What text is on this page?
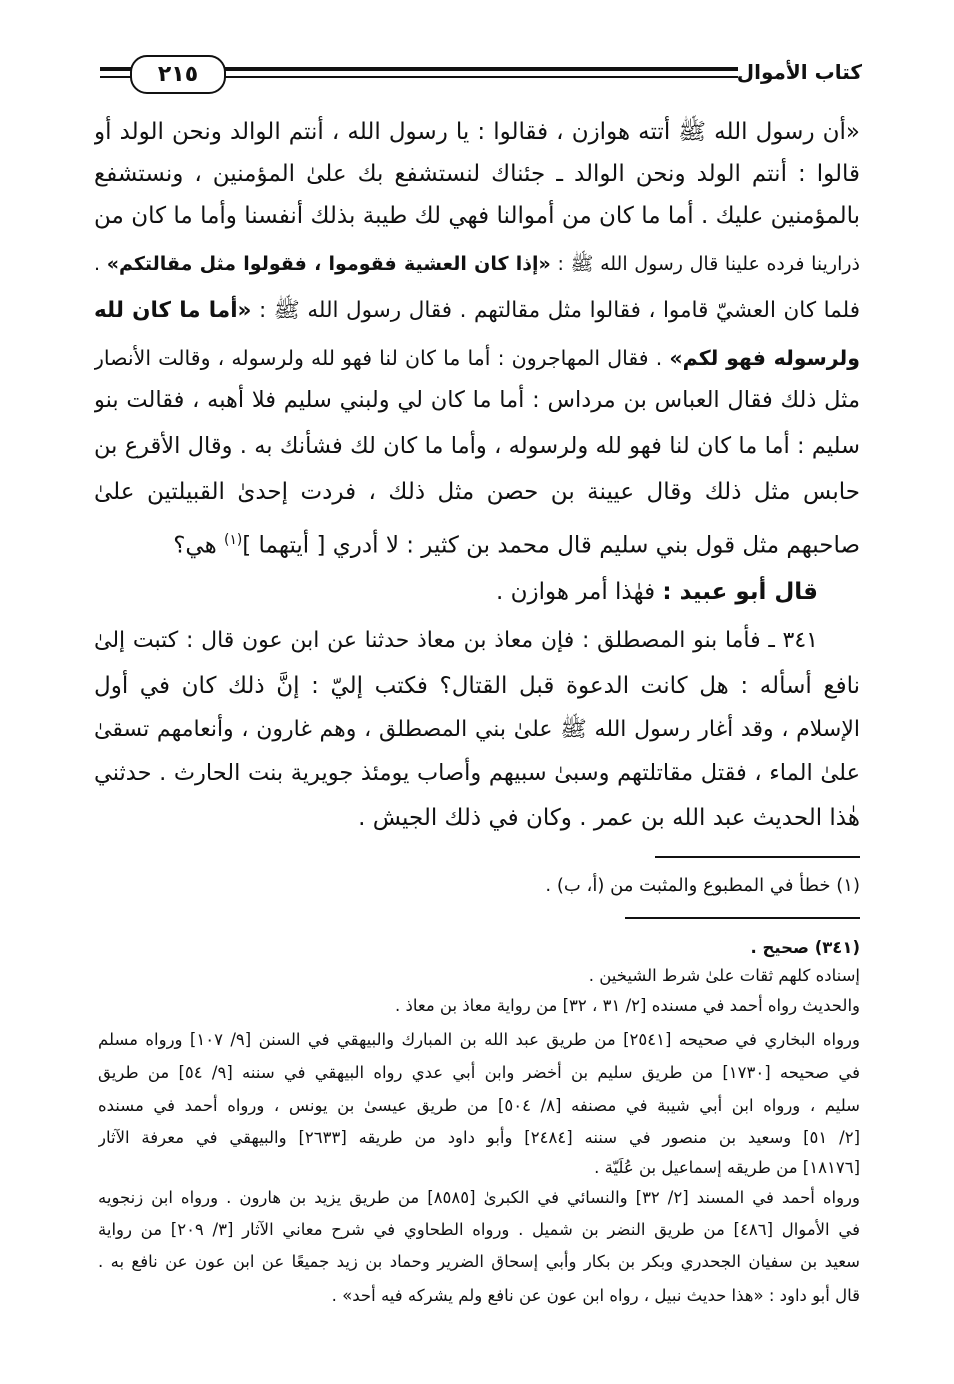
٢١٥	كتاب الأموال
«أن رسول الله ﷺ أتته هوازن ، فقالوا : يا رسول الله ، أنتم الوالد ونحن الولد أو
قالوا : أنتم الولد ونحن الوالد ـ جئناك لنستشفع بك علىٰ المؤمنين ، ونستشفع
بالمؤمنين عليك . أما ما كان من أموالنا فهي لك طيبة بذلك أنفسنا وأما ما كان من
ذرارينا فرده علينا قال رسول الله ﷺ : «إذا كان العشية فقوموا ، فقولوا مثل مقالتكم» .
فلما كان العشيّ قاموا ، فقالوا مثل مقالتهم . فقال رسول الله ﷺ : «أما ما كان لله
ولرسوله فهو لكم» . فقال المهاجرون : أما ما كان لنا فهو لله ولرسوله ، وقالت الأنصار
مثل ذلك فقال العباس بن مرداس : أما ما كان لي ولبني سليم فلا أهبه ، فقالت بنو
سليم : أما ما كان لنا فهو لله ولرسوله ، وأما ما كان لك فشأنك به . وقال الأقرع بن
حابس مثل ذلك وقال عيينة بن حصن مثل ذلك ، فردت إحدىٰ القبيلتين علىٰ
صاحبهم مثل قول بني سليم قال محمد بن كثير : لا أدري [ أيتهما ]$^{(١)}$ هي؟
قال أبو عبيد : فهٰذا أمر هوازن .
٣٤١ ـ فأما بنو المصطلق : فإن معاذ بن معاذ حدثنا عن ابن عون قال : كتبت إلىٰ
نافع أسأله : هل كانت الدعوة قبل القتال؟ فكتب إليّ : إنَّ ذلك كان في أول
الإسلام ، وقد أغار رسول الله ﷺ علىٰ بني المصطلق ، وهم غارون ، وأنعامهم تسقىٰ
علىٰ الماء ، فقتل مقاتلتهم وسبىٰ سبيهم وأصاب يومئذ جويرية بنت الحارث . حدثني
هٰذا الحديث عبد الله بن عمر . وكان في ذلك الجيش .
(١) خطأ في المطبوع والمثبت من (أ، ب) .
(٣٤١) صحيح .
إسناده كلهم ثقات علىٰ شرط الشيخين .
والحديث رواه أحمد في مسنده [٢/ ٣١ ، ٣٢] من رواية معاذ بن معاذ .
ورواه البخاري في صحيحه [٢٥٤١] من طريق عبد الله بن المبارك والبيهقي في السنن [٩/ ١٠٧] ورواه مسلم
في صحيحه [١٧٣٠] من طريق سليم بن أخضر وابن أبي عدي رواه البيهقي في سننه [٩/ ٥٤] من طريق
سليم ، ورواه ابن أبي شيبة في مصنفه [٨/ ٥٠٤] من طريق عيسىٰ بن يونس ، ورواه أحمد في مسنده
[٢/ ٥١] وسعيد بن منصور في سننه [٢٤٨٤] وأبو داود من طريقه [٢٦٣٣] والبيهقي في معرفة الآثار
[١٨١٧٦] من طريقه إسماعيل بن عُلَيّة .
ورواه أحمد في المسند [٢/ ٣٢] والنسائي في الكبرىٰ [٨٥٨٥] من طريق يزيد بن هارون . ورواه ابن زنجويه
في الأموال [٤٨٦] من طريق النضر بن شميل . ورواه الطحاوي في شرح معاني الآثار [٣/ ٢٠٩] من رواية
سعيد بن سفيان الجحدري وبكر بن بكار وأبي إسحاق الضرير وحماد بن زيد جميعًا عن ابن عون عن نافع به .
قال أبو داود : «هذا حديث نبيل ، رواه ابن عون عن نافع ولم يشركه فيه أحد» .
